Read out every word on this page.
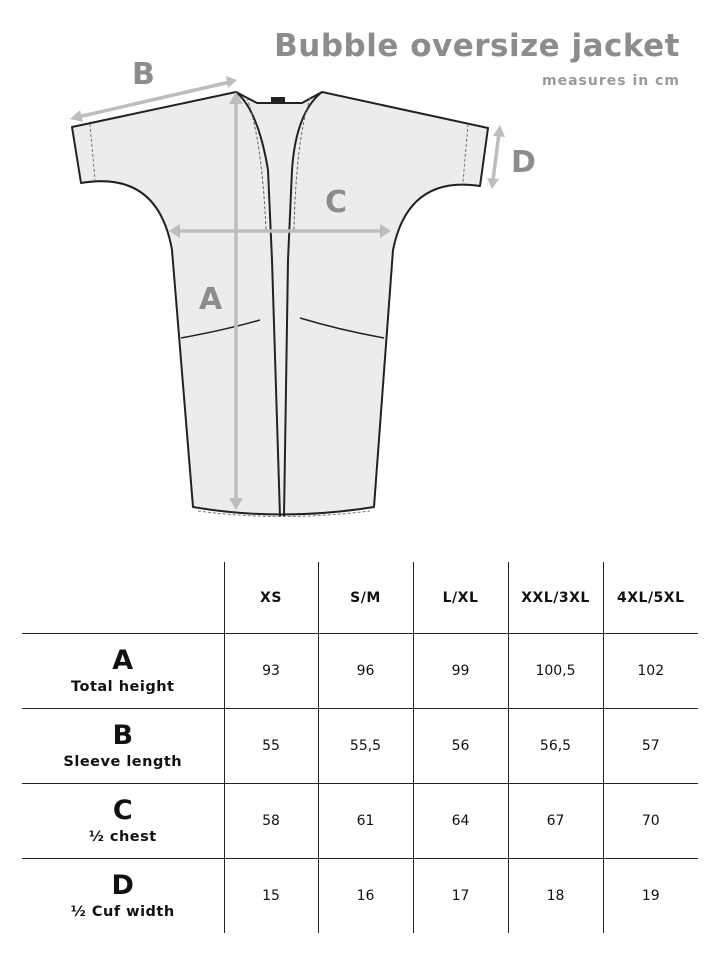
Bubble oversize jacket
measures in cm
B
C
A
D
	XS	S/M	L/XL	XXL/3XL	4XL/5XL

A
Total height	93	96	99	100,5	102

B
Sleeve length	55	55,5	56	56,5	57

C
½ chest	58	61	64	67	70

D
½ Cuf width	15	16	17	18	19
